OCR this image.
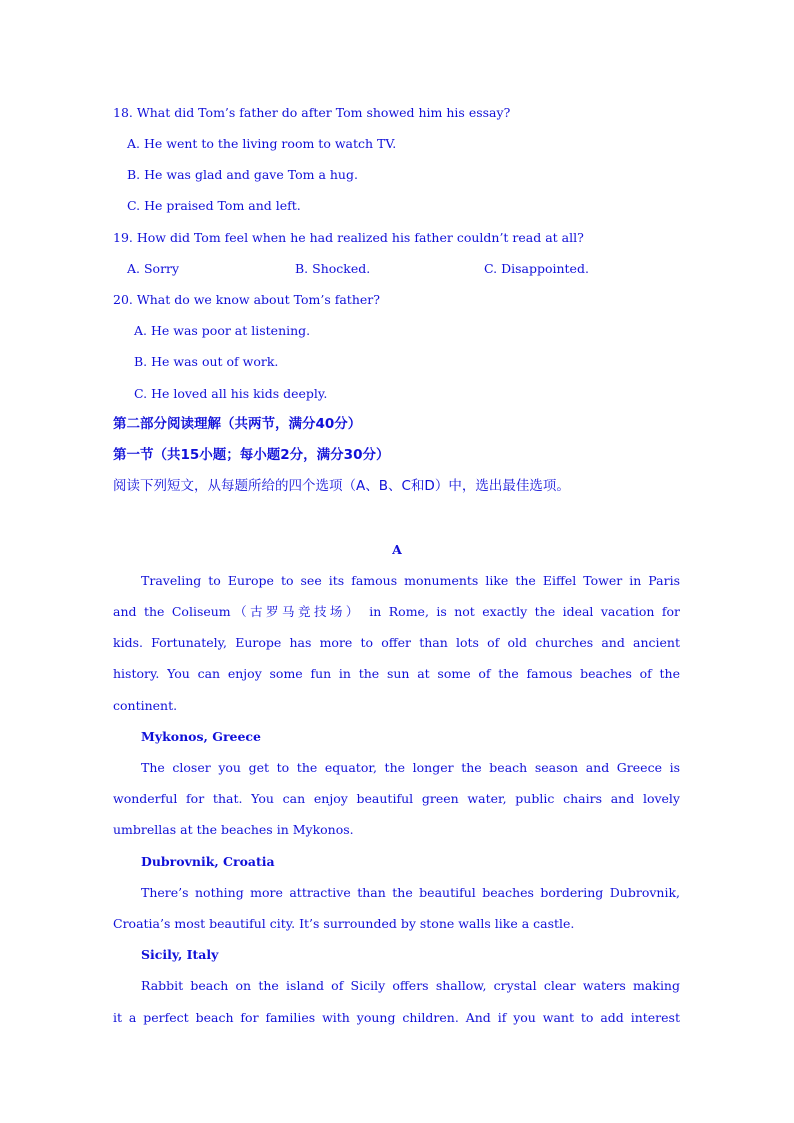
18. What did Tom’s father do after Tom showed him his essay?
A. He went to the living room to watch TV.
B. He was glad and gave Tom a hug.
C. He praised Tom and left.
19. How did Tom feel when he had realized his father couldn’t read at all?
A. Sorry	B. Shocked.	C. Disappointed.
20. What do we know about Tom’s father?
A. He was poor at listening.
B. He was out of work.
C. He loved all his kids deeply.
第二部分阅读理解（共两节，满分40分）
第一节（共15小题；每小题2分，满分30分）
阅读下列短文，从每题所给的四个选项（A、B、C和D）中，选出最佳选项。
A
Traveling to Europe to see its famous monuments like the Eiffel Tower in Paris
and the Coliseum（古罗马竞技场） in Rome, is not exactly the ideal vacation for
kids. Fortunately, Europe has more to offer than lots of old churches and ancient
history. You can enjoy some fun in the sun at some of the famous beaches of the
continent.
Mykonos, Greece
The closer you get to the equator, the longer the beach season and Greece is
wonderful for that. You can enjoy beautiful green water, public chairs and lovely
umbrellas at the beaches in Mykonos.
Dubrovnik, Croatia
There’s nothing more attractive than the beautiful beaches bordering Dubrovnik,
Croatia’s most beautiful city. It’s surrounded by stone walls like a castle.
Sicily, Italy
Rabbit beach on the island of Sicily offers shallow, crystal clear waters making
it a perfect beach for families with young children. And if you want to add interest
